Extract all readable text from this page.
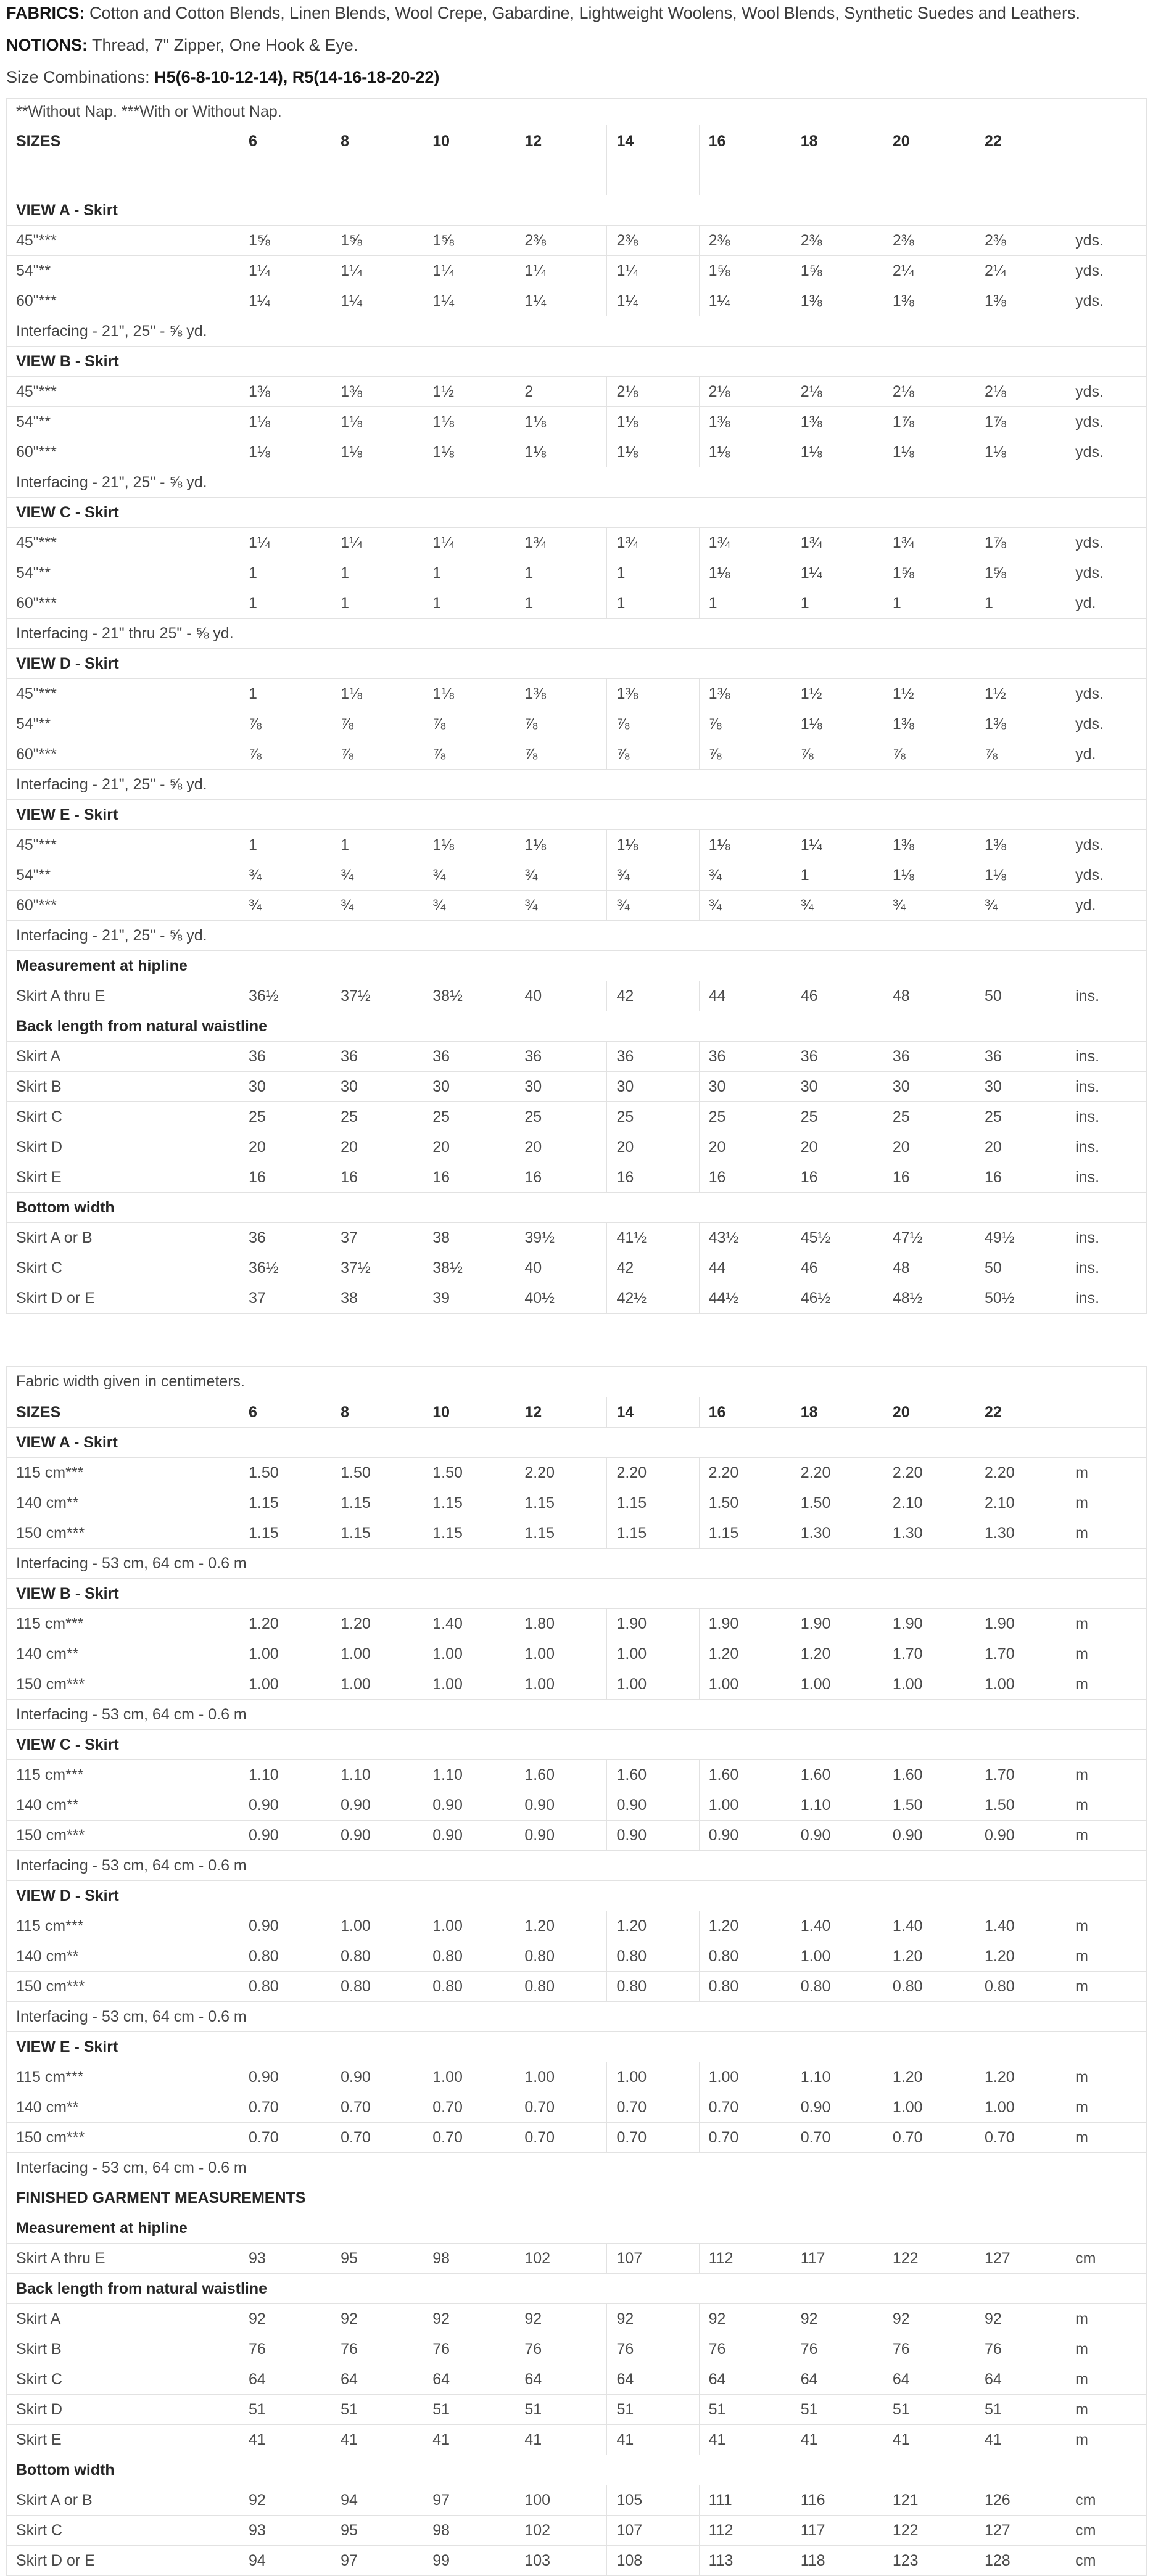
FABRICS: Cotton and Cotton Blends, Linen Blends, Wool Crepe, Gabardine, Lightweight Woolens, Wool Blends, Synthetic Suedes and Leathers.

NOTIONS: Thread, 7" Zipper, One Hook & Eye.

Size Combinations: H5(6-8-10-12-14), R5(14-16-18-20-22)

**Without Nap. ***With or Without Nap.										
SIZES	6	8	10	12	14	16	18	20	22	
VIEW A - Skirt										
45"***	1⅝	1⅝	1⅝	2⅜	2⅜	2⅜	2⅜	2⅜	2⅜	yds.
54"**	1¼	1¼	1¼	1¼	1¼	1⅝	1⅝	2¼	2¼	yds.
60"***	1¼	1¼	1¼	1¼	1¼	1¼	1⅜	1⅜	1⅜	yds.
Interfacing - 21", 25" - ⅝ yd.										
VIEW B - Skirt										
45"***	1⅜	1⅜	1½	2	2⅛	2⅛	2⅛	2⅛	2⅛	yds.
54"**	1⅛	1⅛	1⅛	1⅛	1⅛	1⅜	1⅜	1⅞	1⅞	yds.
60"***	1⅛	1⅛	1⅛	1⅛	1⅛	1⅛	1⅛	1⅛	1⅛	yds.
Interfacing - 21", 25" - ⅝ yd.										
VIEW C - Skirt										
45"***	1¼	1¼	1¼	1¾	1¾	1¾	1¾	1¾	1⅞	yds.
54"**	1	1	1	1	1	1⅛	1¼	1⅝	1⅝	yds.
60"***	1	1	1	1	1	1	1	1	1	yd.
Interfacing - 21" thru 25" - ⅝ yd.										
VIEW D - Skirt										
45"***	1	1⅛	1⅛	1⅜	1⅜	1⅜	1½	1½	1½	yds.
54"**	⅞	⅞	⅞	⅞	⅞	⅞	1⅛	1⅜	1⅜	yds.
60"***	⅞	⅞	⅞	⅞	⅞	⅞	⅞	⅞	⅞	yd.
Interfacing - 21", 25" - ⅝ yd.										
VIEW E - Skirt										
45"***	1	1	1⅛	1⅛	1⅛	1⅛	1¼	1⅜	1⅜	yds.
54"**	¾	¾	¾	¾	¾	¾	1	1⅛	1⅛	yds.
60"***	¾	¾	¾	¾	¾	¾	¾	¾	¾	yd.
Interfacing - 21", 25" - ⅝ yd.										
Measurement at hipline										
Skirt A thru E	36½	37½	38½	40	42	44	46	48	50	ins.
Back length from natural waistline										
Skirt A	36	36	36	36	36	36	36	36	36	ins.
Skirt B	30	30	30	30	30	30	30	30	30	ins.
Skirt C	25	25	25	25	25	25	25	25	25	ins.
Skirt D	20	20	20	20	20	20	20	20	20	ins.
Skirt E	16	16	16	16	16	16	16	16	16	ins.
Bottom width										
Skirt A or B	36	37	38	39½	41½	43½	45½	47½	49½	ins.
Skirt C	36½	37½	38½	40	42	44	46	48	50	ins.
Skirt D or E	37	38	39	40½	42½	44½	46½	48½	50½	ins.
Fabric width given in centimeters.										
SIZES	6	8	10	12	14	16	18	20	22	
VIEW A - Skirt										
115 cm***	1.50	1.50	1.50	2.20	2.20	2.20	2.20	2.20	2.20	m
140 cm**	1.15	1.15	1.15	1.15	1.15	1.50	1.50	2.10	2.10	m
150 cm***	1.15	1.15	1.15	1.15	1.15	1.15	1.30	1.30	1.30	m
Interfacing - 53 cm, 64 cm - 0.6 m										
VIEW B - Skirt										
115 cm***	1.20	1.20	1.40	1.80	1.90	1.90	1.90	1.90	1.90	m
140 cm**	1.00	1.00	1.00	1.00	1.00	1.20	1.20	1.70	1.70	m
150 cm***	1.00	1.00	1.00	1.00	1.00	1.00	1.00	1.00	1.00	m
Interfacing - 53 cm, 64 cm - 0.6 m										
VIEW C - Skirt										
115 cm***	1.10	1.10	1.10	1.60	1.60	1.60	1.60	1.60	1.70	m
140 cm**	0.90	0.90	0.90	0.90	0.90	1.00	1.10	1.50	1.50	m
150 cm***	0.90	0.90	0.90	0.90	0.90	0.90	0.90	0.90	0.90	m
Interfacing - 53 cm, 64 cm - 0.6 m										
VIEW D - Skirt										
115 cm***	0.90	1.00	1.00	1.20	1.20	1.20	1.40	1.40	1.40	m
140 cm**	0.80	0.80	0.80	0.80	0.80	0.80	1.00	1.20	1.20	m
150 cm***	0.80	0.80	0.80	0.80	0.80	0.80	0.80	0.80	0.80	m
Interfacing - 53 cm, 64 cm - 0.6 m										
VIEW E - Skirt										
115 cm***	0.90	0.90	1.00	1.00	1.00	1.00	1.10	1.20	1.20	m
140 cm**	0.70	0.70	0.70	0.70	0.70	0.70	0.90	1.00	1.00	m
150 cm***	0.70	0.70	0.70	0.70	0.70	0.70	0.70	0.70	0.70	m
Interfacing - 53 cm, 64 cm - 0.6 m										
FINISHED GARMENT MEASUREMENTS										
Measurement at hipline										
Skirt A thru E	93	95	98	102	107	112	117	122	127	cm
Back length from natural waistline										
Skirt A	92	92	92	92	92	92	92	92	92	m
Skirt B	76	76	76	76	76	76	76	76	76	m
Skirt C	64	64	64	64	64	64	64	64	64	m
Skirt D	51	51	51	51	51	51	51	51	51	m
Skirt E	41	41	41	41	41	41	41	41	41	m
Bottom width										
Skirt A or B	92	94	97	100	105	111	116	121	126	cm
Skirt C	93	95	98	102	107	112	117	122	127	cm
Skirt D or E	94	97	99	103	108	113	118	123	128	cm
